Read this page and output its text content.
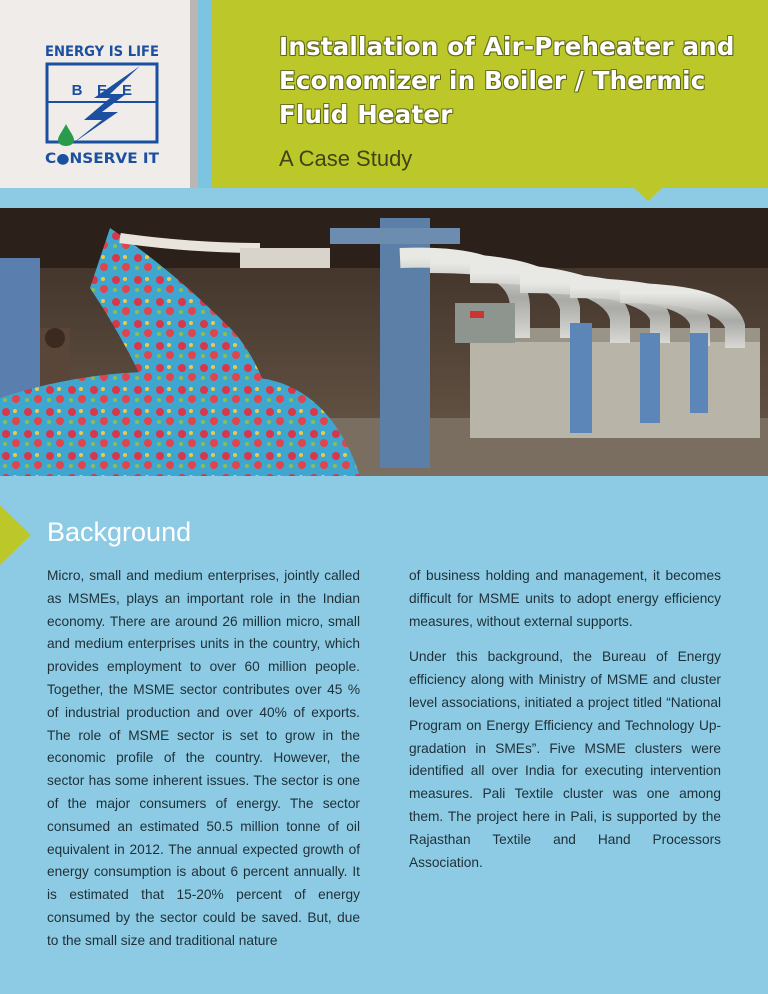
ENERGY IS LIFE
B E E
C●NSERVE IT
Installation of Air-Preheater and Economizer in Boiler / Thermic Fluid Heater

A Case Study

Background

Micro, small and medium enterprises, jointly called as MSMEs, plays an important role in the Indian economy. There are around 26 million micro, small and medium enterprises units in the country, which provides employment to over 60 million people. Together, the MSME sector contributes over 45 % of industrial production and over 40% of exports. The role of MSME sector is set to grow in the economic profile of the country. However, the sector has some inherent issues. The sector is one of the major consumers of energy. The sector consumed an estimated 50.5 million tonne of oil equivalent in 2012. The annual expected growth of energy consumption is about 6 percent annually. It is estimated that 15-20% percent of energy consumed by the sector could be saved. But, due to the small size and traditional nature

of business holding and management, it becomes difficult for MSME units to adopt energy efficiency measures, without external supports.

Under this background, the Bureau of Energy efficiency along with Ministry of MSME and cluster level associations, initiated a project titled “National Program on Energy Efficiency and Technology Up-gradation in SMEs”. Five MSME clusters were identified all over India for executing intervention measures. Pali Textile cluster was one among them. The project here in Pali, is supported by the Rajasthan Textile and Hand Processors Association.
